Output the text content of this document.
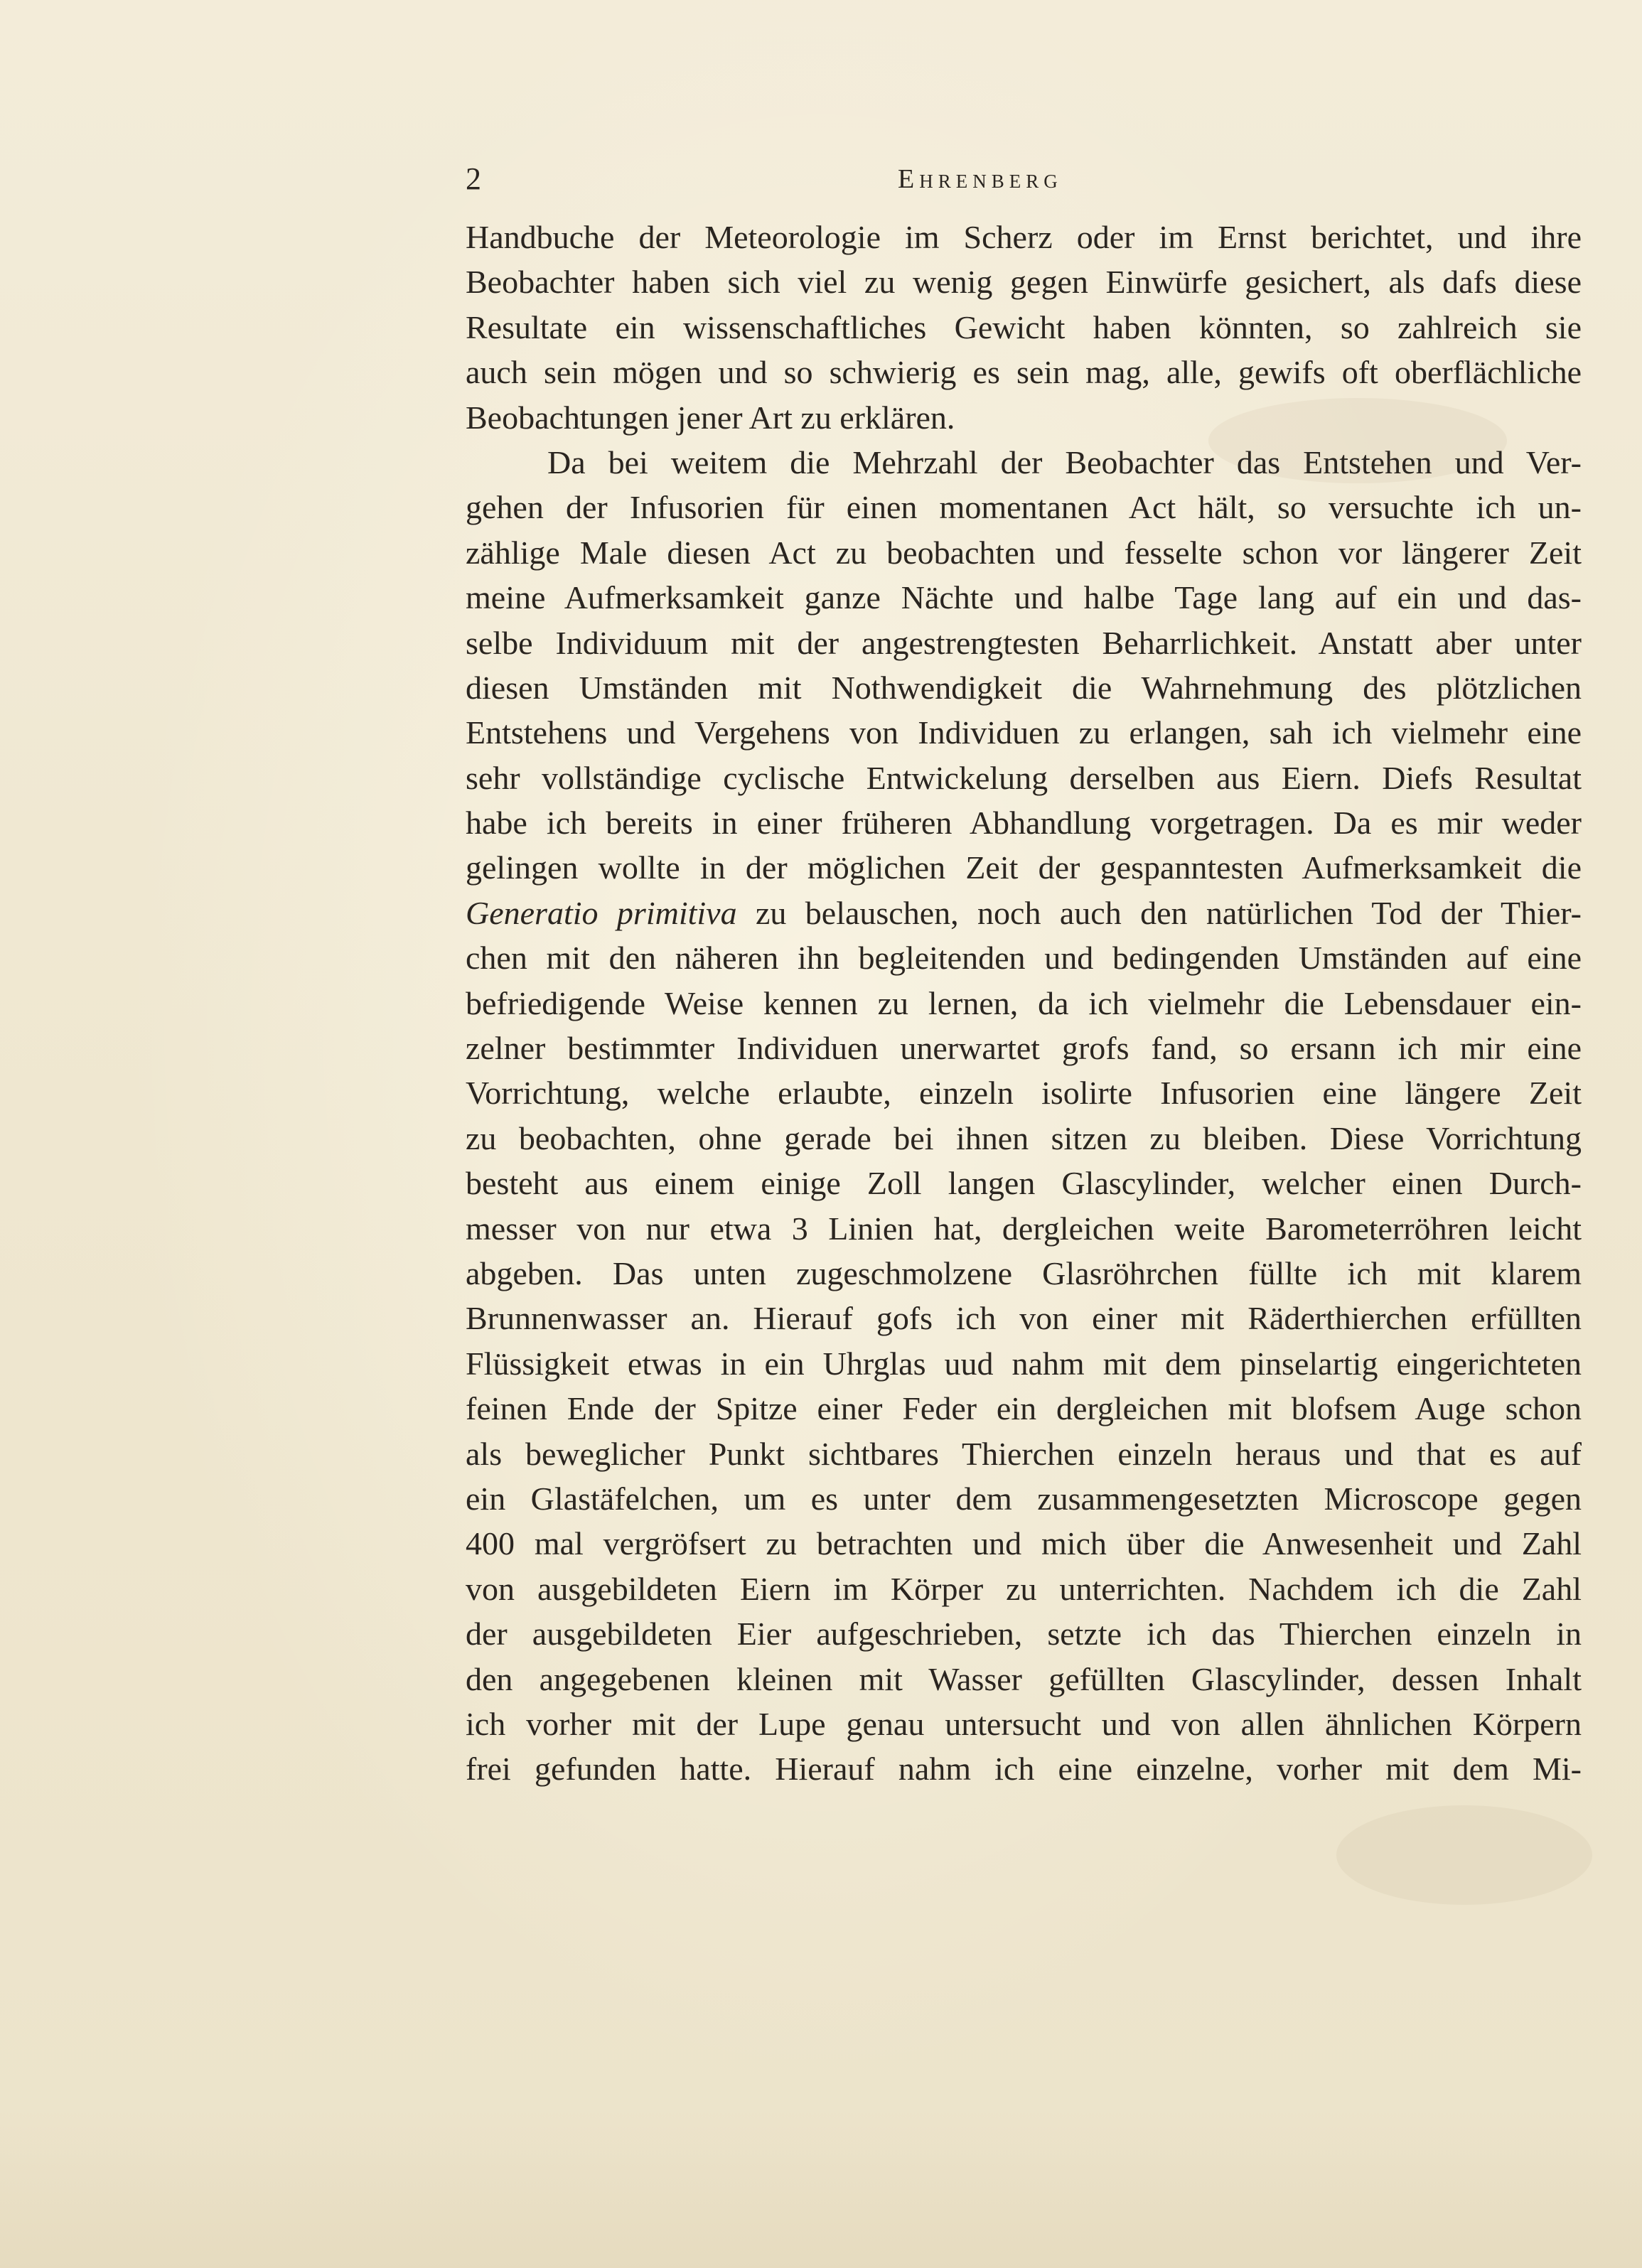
2	Ehrenberg
Handbuche der Meteorologie im Scherz oder im Ernst berichtet, und ihre
Beobachter haben sich viel zu wenig gegen Einwürfe gesichert, als dafs diese
Resultate ein wissenschaftliches Gewicht haben könnten, so zahlreich sie
auch sein mögen und so schwierig es sein mag, alle, gewifs oft oberflächliche
Beobachtungen jener Art zu erklären.
Da bei weitem die Mehrzahl der Beobachter das Entstehen und Ver-
gehen der Infusorien für einen momentanen Act hält, so versuchte ich un-
zählige Male diesen Act zu beobachten und fesselte schon vor längerer Zeit
meine Aufmerksamkeit ganze Nächte und halbe Tage lang auf ein und das-
selbe Individuum mit der angestrengtesten Beharrlichkeit. Anstatt aber unter
diesen Umständen mit Nothwendigkeit die Wahrnehmung des plötzlichen
Entstehens und Vergehens von Individuen zu erlangen, sah ich vielmehr eine
sehr vollständige cyclische Entwickelung derselben aus Eiern. Diefs Resultat
habe ich bereits in einer früheren Abhandlung vorgetragen. Da es mir weder
gelingen wollte in der möglichen Zeit der gespanntesten Aufmerksamkeit die
Generatio primitiva zu belauschen, noch auch den natürlichen Tod der Thier-
chen mit den näheren ihn begleitenden und bedingenden Umständen auf eine
befriedigende Weise kennen zu lernen, da ich vielmehr die Lebensdauer ein-
zelner bestimmter Individuen unerwartet grofs fand, so ersann ich mir eine
Vorrichtung, welche erlaubte, einzeln isolirte Infusorien eine längere Zeit
zu beobachten, ohne gerade bei ihnen sitzen zu bleiben. Diese Vorrichtung
besteht aus einem einige Zoll langen Glascylinder, welcher einen Durch-
messer von nur etwa 3 Linien hat, dergleichen weite Barometerröhren leicht
abgeben. Das unten zugeschmolzene Glasröhrchen füllte ich mit klarem
Brunnenwasser an. Hierauf gofs ich von einer mit Räderthierchen erfüllten
Flüssigkeit etwas in ein Uhrglas uud nahm mit dem pinselartig eingerichteten
feinen Ende der Spitze einer Feder ein dergleichen mit blofsem Auge schon
als beweglicher Punkt sichtbares Thierchen einzeln heraus und that es auf
ein Glastäfelchen, um es unter dem zusammengesetzten Microscope gegen
400 mal vergröfsert zu betrachten und mich über die Anwesenheit und Zahl
von ausgebildeten Eiern im Körper zu unterrichten. Nachdem ich die Zahl
der ausgebildeten Eier aufgeschrieben, setzte ich das Thierchen einzeln in
den angegebenen kleinen mit Wasser gefüllten Glascylinder, dessen Inhalt
ich vorher mit der Lupe genau untersucht und von allen ähnlichen Körpern
frei gefunden hatte. Hierauf nahm ich eine einzelne, vorher mit dem Mi-
